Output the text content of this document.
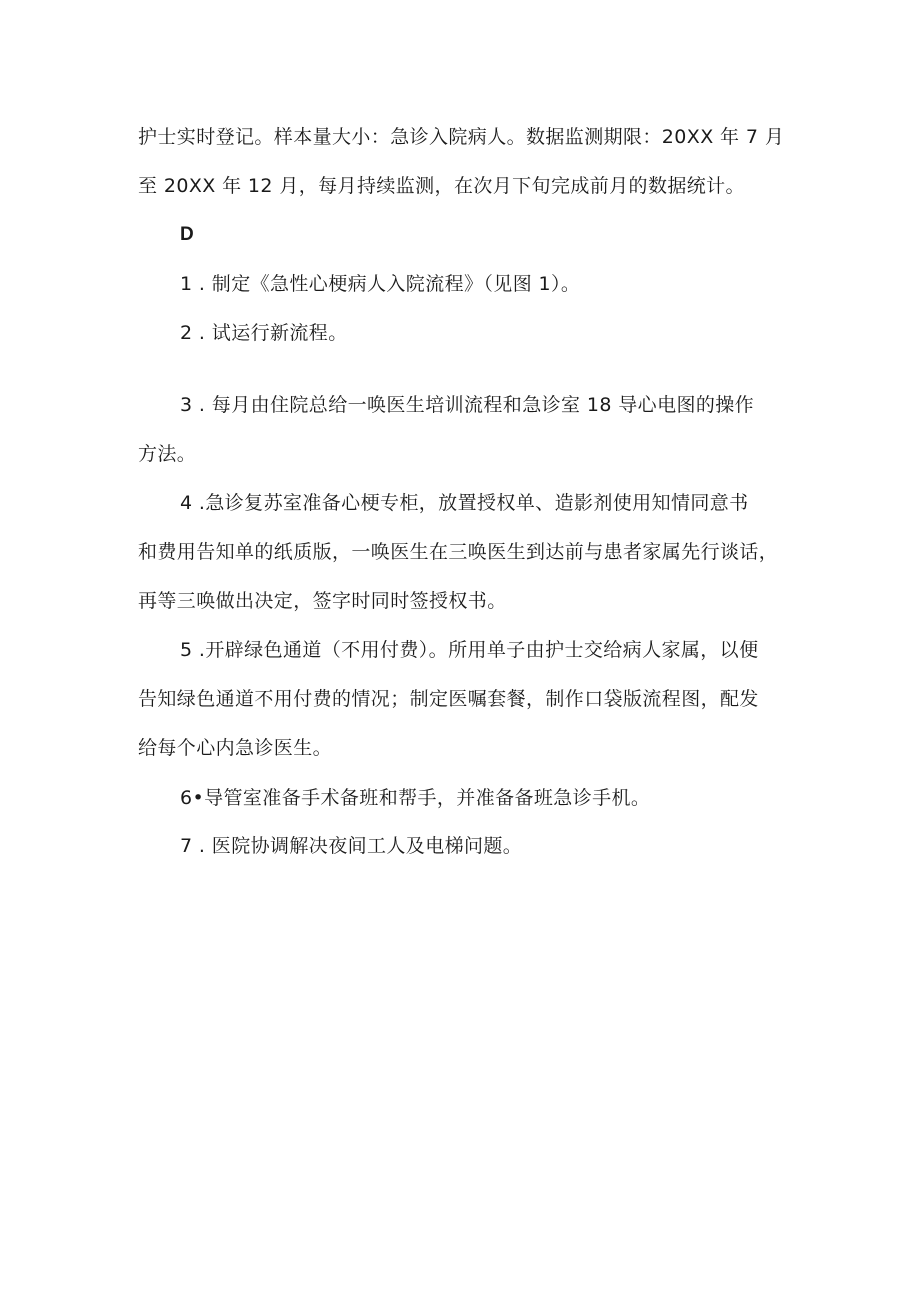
护士实时登记。样本量大小：急诊入院病人。数据监测期限：20XX 年 7 月
至 20XX 年 12 月，每月持续监测，在次月下旬完成前月的数据统计。
D
1 . 制定《急性心梗病人入院流程》（见图 1）。
2 . 试运行新流程。
3 . 每月由住院总给一唤医生培训流程和急诊室 18 导心电图的操作
方法。
4 .急诊复苏室准备心梗专柜，放置授权单、造影剂使用知情同意书
和费用告知单的纸质版，一唤医生在三唤医生到达前与患者家属先行谈话，
再等三唤做出决定，签字时同时签授权书。
5 .开辟绿色通道（不用付费）。所用单子由护士交给病人家属，以便
告知绿色通道不用付费的情况；制定医嘱套餐，制作口袋版流程图，配发
给每个心内急诊医生。
6•导管室准备手术备班和帮手，并准备备班急诊手机。
7 . 医院协调解决夜间工人及电梯问题。
